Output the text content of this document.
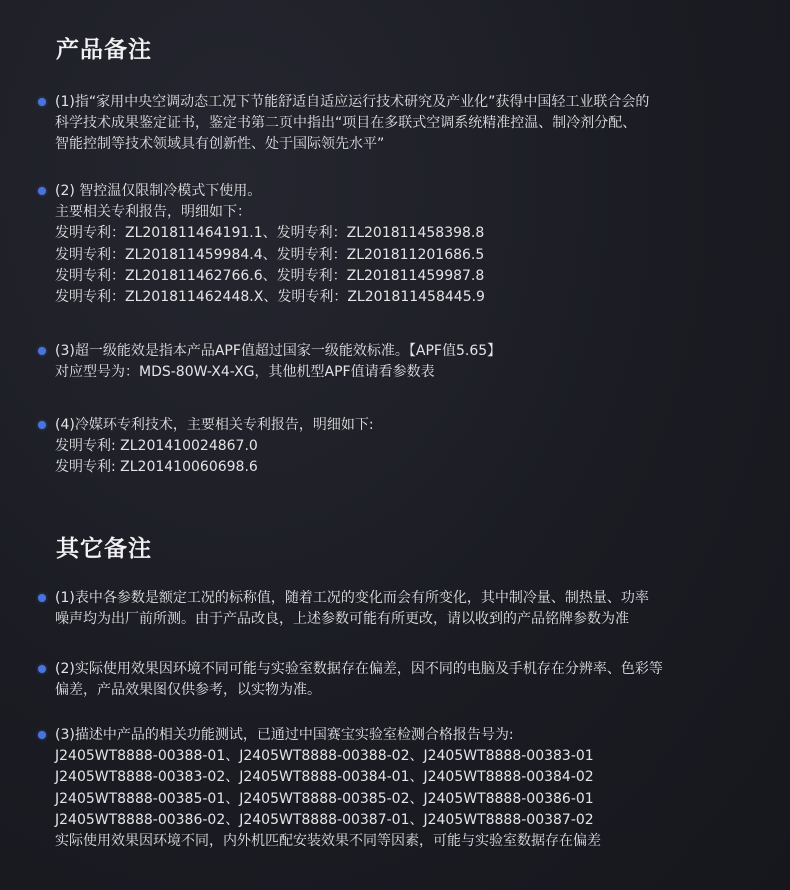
产品备注
(1)指“家用中央空调动态工况下节能舒适自适应运行技术研究及产业化”获得中国轻工业联合会的
科学技术成果鉴定证书，鉴定书第二页中指出“项目在多联式空调系统精准控温、制冷剂分配、
智能控制等技术领域具有创新性、处于国际领先水平”
(2) 智控温仅限制冷模式下使用。
主要相关专利报告，明细如下：
发明专利：ZL201811464191.1、发明专利：ZL201811458398.8
发明专利：ZL201811459984.4、发明专利：ZL201811201686.5
发明专利：ZL201811462766.6、发明专利：ZL201811459987.8
发明专利：ZL201811462448.X、发明专利：ZL201811458445.9
(3)超一级能效是指本产品APF值超过国家一级能效标准。【APF值5.65】
对应型号为：MDS-80W-X4-XG，其他机型APF值请看参数表
(4)冷媒环专利技术，主要相关专利报告，明细如下:
发明专利: ZL201410024867.0
发明专利: ZL201410060698.6
其它备注
(1)表中各参数是额定工况的标称值，随着工况的变化而会有所变化，其中制冷量、制热量、功率
噪声均为出厂前所测。由于产品改良，上述参数可能有所更改，请以收到的产品铭牌参数为准
(2)实际使用效果因环境不同可能与实验室数据存在偏差，因不同的电脑及手机存在分辨率、色彩等
偏差，产品效果图仅供参考，以实物为准。
(3)描述中产品的相关功能测试，已通过中国赛宝实验室检测合格报告号为:
J2405WT8888-00388-01、J2405WT8888-00388-02、J2405WT8888-00383-01
J2405WT8888-00383-02、J2405WT8888-00384-01、J2405WT8888-00384-02
J2405WT8888-00385-01、J2405WT8888-00385-02、J2405WT8888-00386-01
J2405WT8888-00386-02、J2405WT8888-00387-01、J2405WT8888-00387-02
实际使用效果因环境不同，内外机匹配安装效果不同等因素，可能与实验室数据存在偏差
